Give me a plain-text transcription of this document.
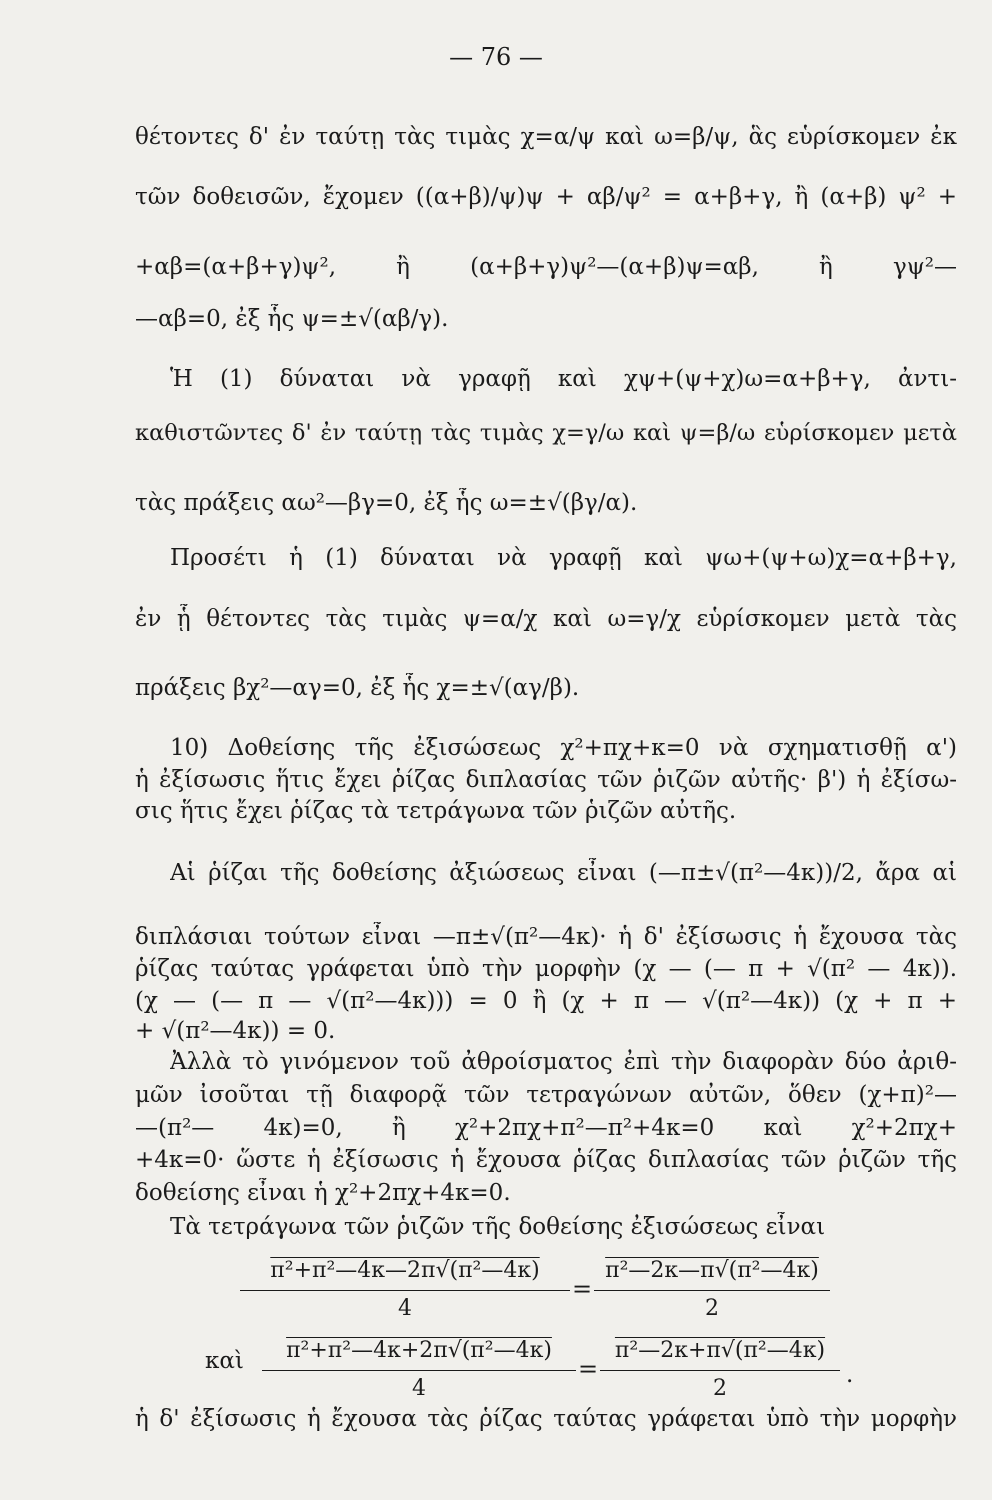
— 76 —
θέτοντες δ' ἐν ταύτῃ τὰς τιμὰς χ=α/ψ καὶ ω=β/ψ, ἃς εὑρίσκομεν ἐκ
τῶν δοθεισῶν, ἔχομεν ((α+β)/ψ)ψ + αβ/ψ² = α+β+γ, ἢ (α+β) ψ² +
+αβ=(α+β+γ)ψ², ἢ (α+β+γ)ψ²—(α+β)ψ=αβ, ἢ γψ²—
—αβ=0, ἐξ ἧς ψ=±√(αβ/γ).
Ἡ (1) δύναται νὰ γραφῇ καὶ χψ+(ψ+χ)ω=α+β+γ, ἀντι-
καθιστῶντες δ' ἐν ταύτῃ τὰς τιμὰς χ=γ/ω καὶ ψ=β/ω εὑρίσκομεν μετὰ
τὰς πράξεις αω²—βγ=0, ἐξ ἧς ω=±√(βγ/α).
Προσέτι ἡ (1) δύναται νὰ γραφῇ καὶ ψω+(ψ+ω)χ=α+β+γ,
ἐν ᾗ θέτοντες τὰς τιμὰς ψ=α/χ καὶ ω=γ/χ εὑρίσκομεν μετὰ τὰς
πράξεις βχ²—αγ=0, ἐξ ἧς χ=±√(αγ/β).
10) Δοθείσης τῆς ἐξισώσεως χ²+πχ+κ=0 νὰ σχηματισθῇ α')
ἡ ἐξίσωσις ἥτις ἔχει ῥίζας διπλασίας τῶν ῥιζῶν αὐτῆς· β') ἡ ἐξίσω-
σις ἥτις ἔχει ῥίζας τὰ τετράγωνα τῶν ῥιζῶν αὐτῆς.
Αἱ ῥίζαι τῆς δοθείσης ἀξιώσεως εἶναι (—π±√(π²—4κ))/2, ἄρα αἱ
διπλάσιαι τούτων εἶναι —π±√(π²—4κ)· ἡ δ' ἐξίσωσις ἡ ἔχουσα τὰς
ῥίζας ταύτας γράφεται ὑπὸ τὴν μορφὴν (χ — (— π + √(π² — 4κ)).
(χ — (— π — √(π²—4κ))) = 0 ἢ (χ + π — √(π²—4κ)) (χ + π +
+ √(π²—4κ)) = 0.
Ἀλλὰ τὸ γινόμενον τοῦ ἀθροίσματος ἐπὶ τὴν διαφορὰν δύο ἀριθ-
μῶν ἰσοῦται τῇ διαφορᾷ τῶν τετραγώνων αὐτῶν, ὅθεν (χ+π)²—
—(π²— 4κ)=0, ἢ χ²+2πχ+π²—π²+4κ=0 καὶ χ²+2πχ+
+4κ=0· ὥστε ἡ ἐξίσωσις ἡ ἔχουσα ῥίζας διπλασίας τῶν ῥιζῶν τῆς
δοθείσης εἶναι ἡ χ²+2πχ+4κ=0.
Τὰ τετράγωνα τῶν ῥιζῶν τῆς δοθείσης ἐξισώσεως εἶναι
π²+π²—4κ—2π√(π²—4κ)
4
=
π²—2κ—π√(π²—4κ)
2
καὶ	π²+π²—4κ+2π√(π²—4κ)
4
=
π²—2κ+π√(π²—4κ)
2
.
ἡ δ' ἐξίσωσις ἡ ἔχουσα τὰς ῥίζας ταύτας γράφεται ὑπὸ τὴν μορφὴν
